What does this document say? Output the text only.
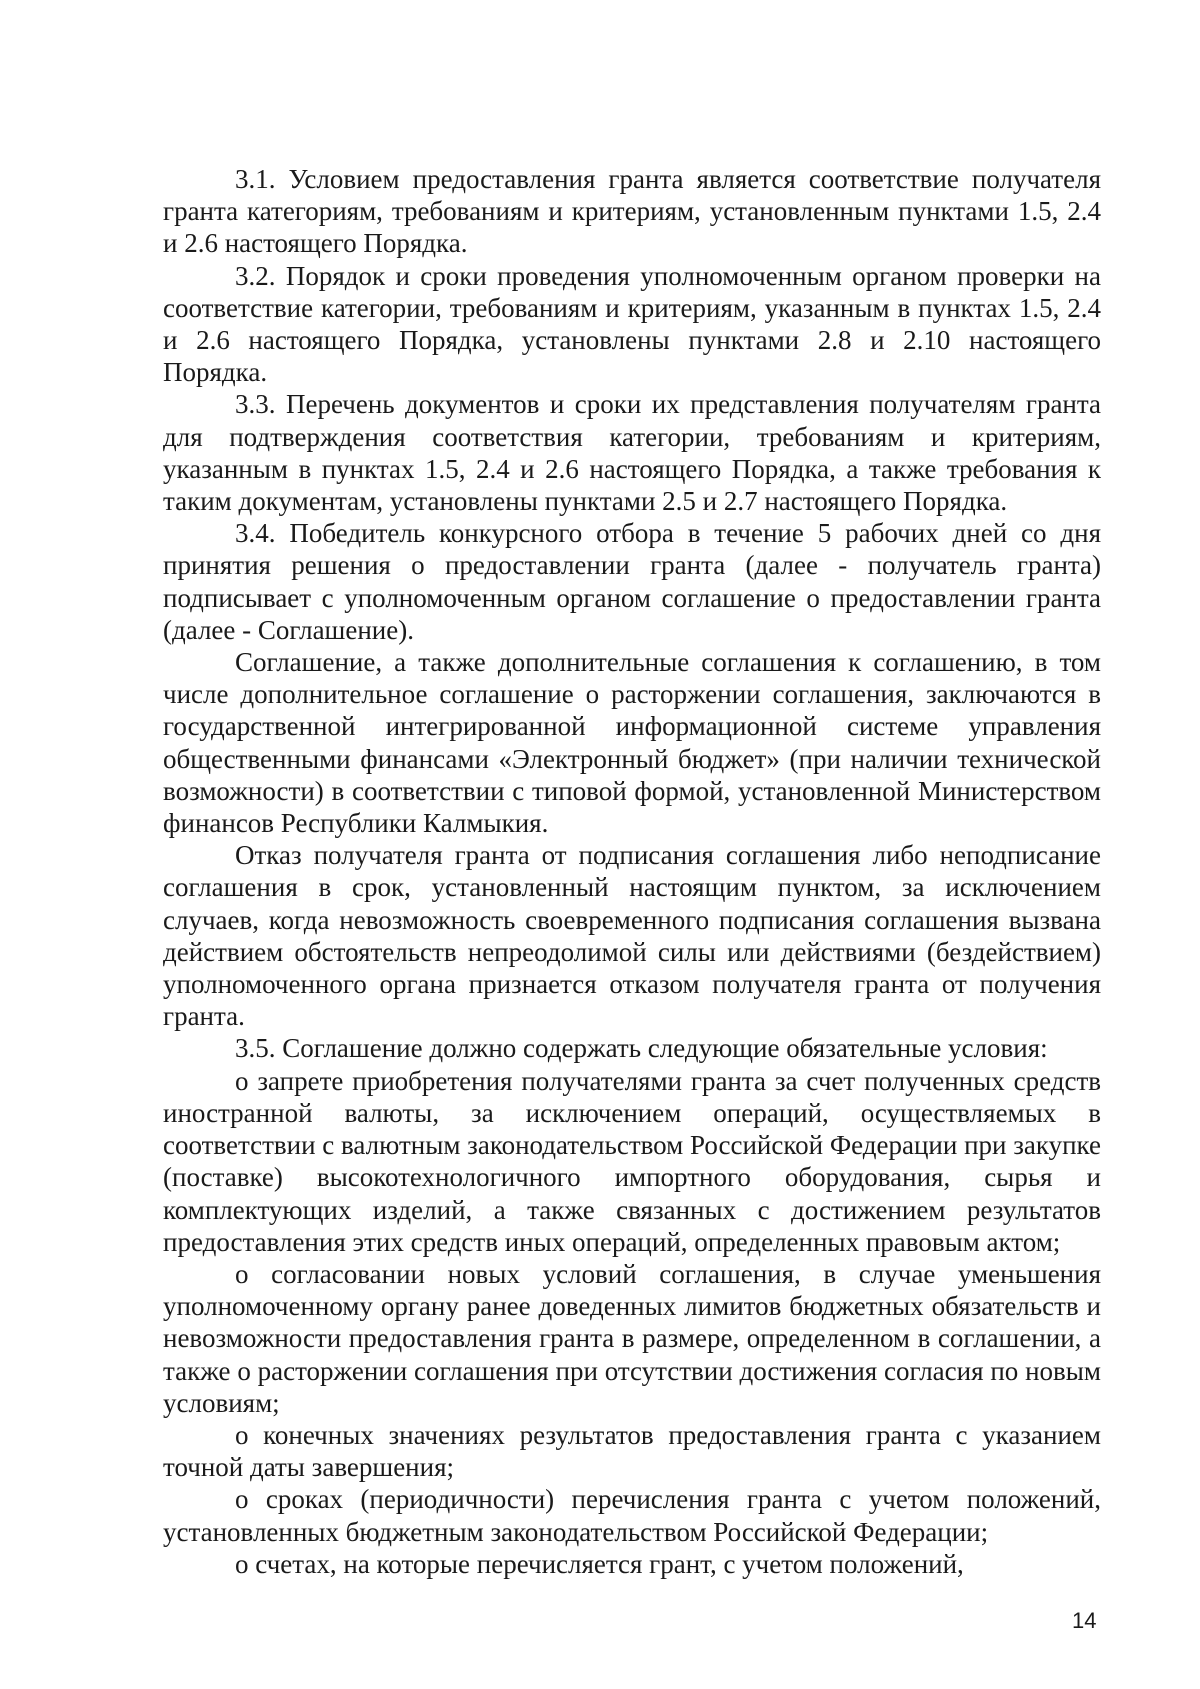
3.1. Условием предоставления гранта является соответствие получателя гранта категориям, требованиям и критериям, установленным пунктами 1.5, 2.4 и 2.6 настоящего Порядка.

3.2. Порядок и сроки проведения уполномоченным органом проверки на соответствие категории, требованиям и критериям, указанным в пунктах 1.5, 2.4 и 2.6 настоящего Порядка, установлены пунктами 2.8 и 2.10 настоящего Порядка.

3.3. Перечень документов и сроки их представления получателям гранта для подтверждения соответствия категории, требованиям и критериям, указанным в пунктах 1.5, 2.4 и 2.6 настоящего Порядка, а также требования к таким документам, установлены пунктами 2.5 и 2.7 настоящего Порядка.

3.4. Победитель конкурсного отбора в течение 5 рабочих дней со дня принятия решения о предоставлении гранта (далее - получатель гранта) подписывает с уполномоченным органом соглашение о предоставлении гранта (далее - Соглашение).

Соглашение, а также дополнительные соглашения к соглашению, в том числе дополнительное соглашение о расторжении соглашения, заключаются в государственной интегрированной информационной системе управления общественными финансами «Электронный бюджет» (при наличии технической возможности) в соответствии с типовой формой, установленной Министерством финансов Республики Калмыкия.

Отказ получателя гранта от подписания соглашения либо неподписание соглашения в срок, установленный настоящим пунктом, за исключением случаев, когда невозможность своевременного подписания соглашения вызвана действием обстоятельств непреодолимой силы или действиями (бездействием) уполномоченного органа признается отказом получателя гранта от получения гранта.

3.5. Соглашение должно содержать следующие обязательные условия:

о запрете приобретения получателями гранта за счет полученных средств иностранной валюты, за исключением операций, осуществляемых в соответствии с валютным законодательством Российской Федерации при закупке (поставке) высокотехнологичного импортного оборудования, сырья и комплектующих изделий, а также связанных с достижением результатов предоставления этих средств иных операций, определенных правовым актом;

о согласовании новых условий соглашения, в случае уменьшения уполномоченному органу ранее доведенных лимитов бюджетных обязательств и невозможности предоставления гранта в размере, определенном в соглашении, а также о расторжении соглашения при отсутствии достижения согласия по новым условиям;

о конечных значениях результатов предоставления гранта с указанием точной даты завершения;

о сроках (периодичности) перечисления гранта с учетом положений, установленных бюджетным законодательством Российской Федерации;

о счетах, на которые перечисляется грант, с учетом положений,

14
